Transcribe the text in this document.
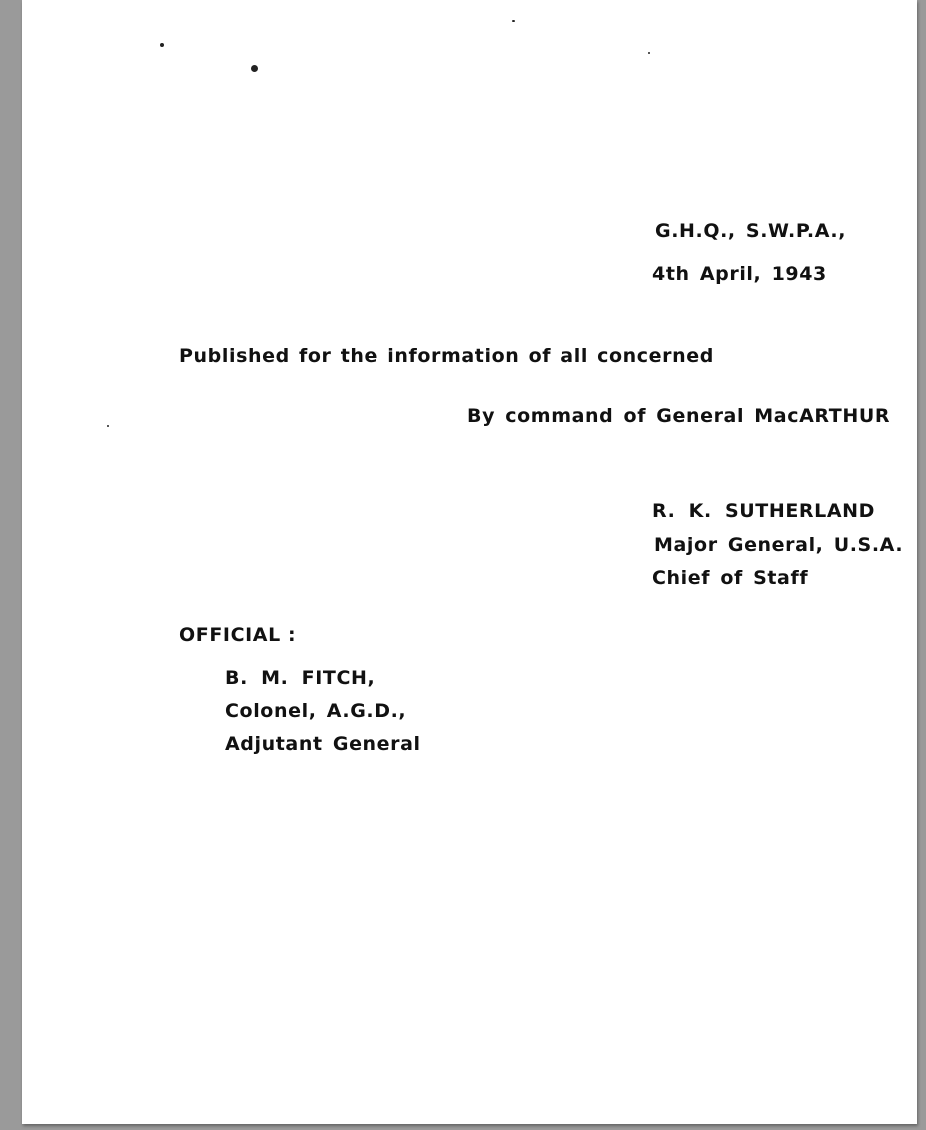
G.H.Q., S.W.P.A.,
4th April, 1943
Published for the information of all concerned
By command of General MacARTHUR
R. K. SUTHERLAND
Major General, U.S.A.
Chief of Staff
OFFICIAL :
B. M. FITCH,
Colonel, A.G.D.,
Adjutant General
